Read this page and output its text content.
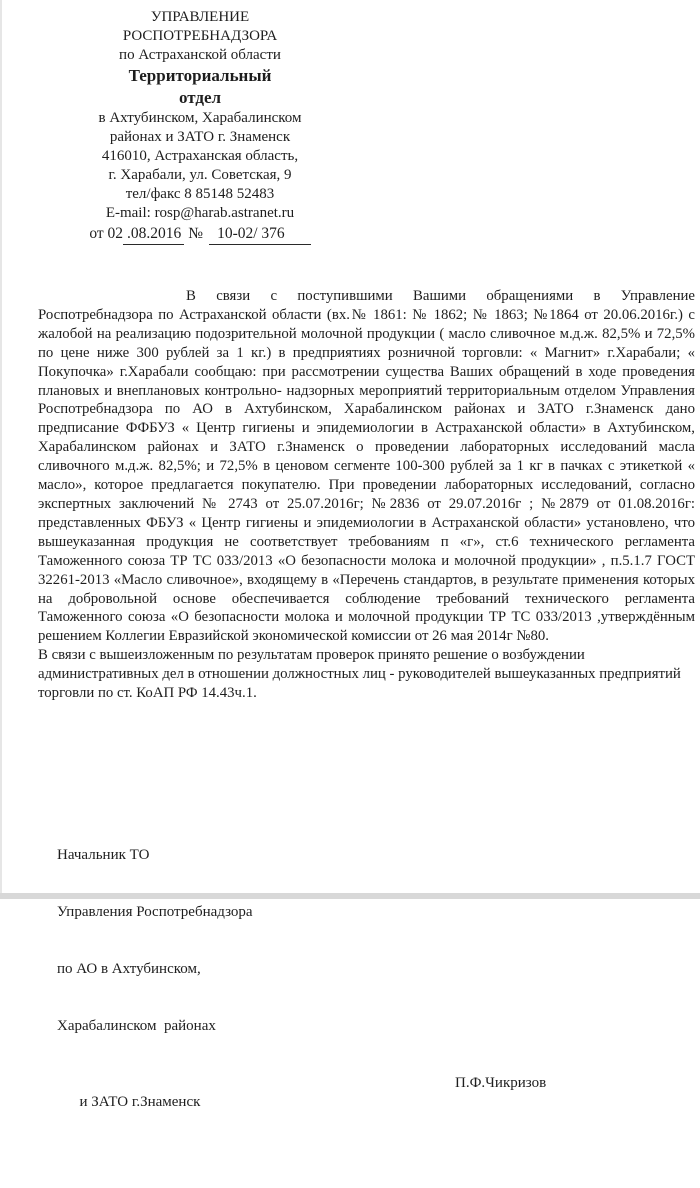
УПРАВЛЕНИЕ
РОСПОТРЕБНАДЗОРА
по Астраханской области
Территориальный
отдел
в Ахтубинском, Харабалинском
районах и ЗАТО г. Знаменск
416010, Астраханская область,
г. Харабали, ул. Советская, 9
тел/факс 8 85148 52483
E-mail: rosp@harab.astranet.ru
от 02 .08.2016 № 10-02/ 376

В связи с поступившими Вашими обращениями в Управление Роспотребнадзора по Астраханской области (вх.№ 1861: № 1862; № 1863; №1864 от 20.06.2016г.) с жалобой на реализацию подозрительной молочной продукции ( масло сливочное м.д.ж. 82,5% и 72,5% по цене ниже 300 рублей за 1 кг.) в предприятиях розничной торговли: « Магнит» г.Харабали; « Покупочка» г.Харабали сообщаю: при рассмотрении существа Ваших обращений в ходе проведения плановых и внеплановых контрольно- надзорных мероприятий территориальным отделом Управления Роспотребнадзора по АО в Ахтубинском, Харабалинском районах и ЗАТО г.Знаменск дано предписание ФФБУЗ « Центр гигиены и эпидемиологии в Астраханской области» в Ахтубинском, Харабалинском районах и ЗАТО г.Знаменск о проведении лабораторных исследований масла сливочного м.д.ж. 82,5%; и 72,5% в ценовом сегменте 100-300 рублей за 1 кг в пачках с этикеткой « масло», которое предлагается покупателю. При проведении лабораторных исследований, согласно экспертных заключений № 2743 от 25.07.2016г; №2836 от 29.07.2016г ; №2879 от 01.08.2016г: представленных ФБУЗ « Центр гигиены и эпидемиологии в Астраханской области» установлено, что вышеуказанная продукция не соответствует требованиям п «г», ст.6 технического регламента Таможенного союза ТР ТС 033/2013 «О безопасности молока и молочной продукции» , п.5.1.7 ГОСТ 32261-2013 «Масло сливочное», входящему в «Перечень стандартов, в результате применения которых на добровольной основе обеспечивается соблюдение требований технического регламента Таможенного союза «О безопасности молока и молочной продукции ТР ТС 033/2013 ,утверждённым решением Коллегии Евразийской экономической комиссии от 26 мая 2014г №80.

В связи с вышеизложенным по результатам проверок принято решение о возбуждении административных дел в отношении должностных лиц - руководителей вышеуказанных предприятий торговли по ст. КоАП РФ 14.43ч.1.

Начальник ТО

Управления Роспотребнадзора

по АО в Ахтубинском,

Харабалинском  районах

и ЗАТО г.Знаменск

П.Ф.Чикризов
